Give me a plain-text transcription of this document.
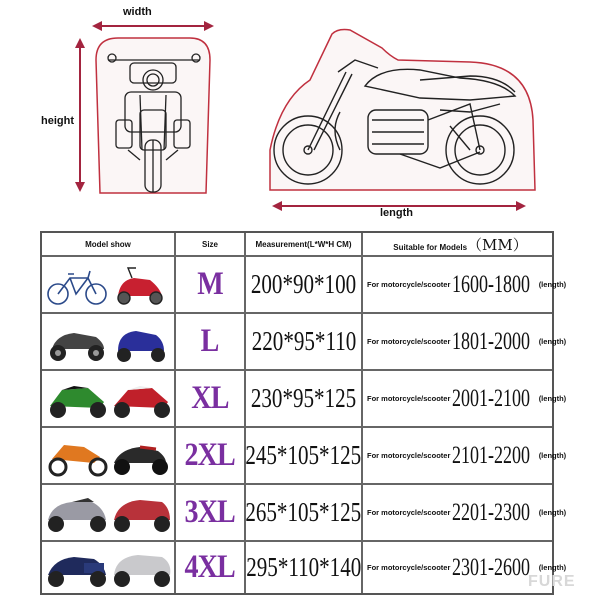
width
height
length
Model show	Size	Measurement(L*W*H CM)	Suitable for Models（MM）
M 200*90*100 For motorcycle/scooter 1600-1800 (length)
L 220*95*110 For motorcycle/scooter 1801-2000 (length)
XL 230*95*125 For motorcycle/scooter 2001-2100 (length)
2XL 245*105*125 For motorcycle/scooter 2101-2200 (length)
3XL 265*105*125 For motorcycle/scooter 2201-2300 (length)
4XL 295*110*140 For motorcycle/scooter 2301-2600 (length)
FURE
